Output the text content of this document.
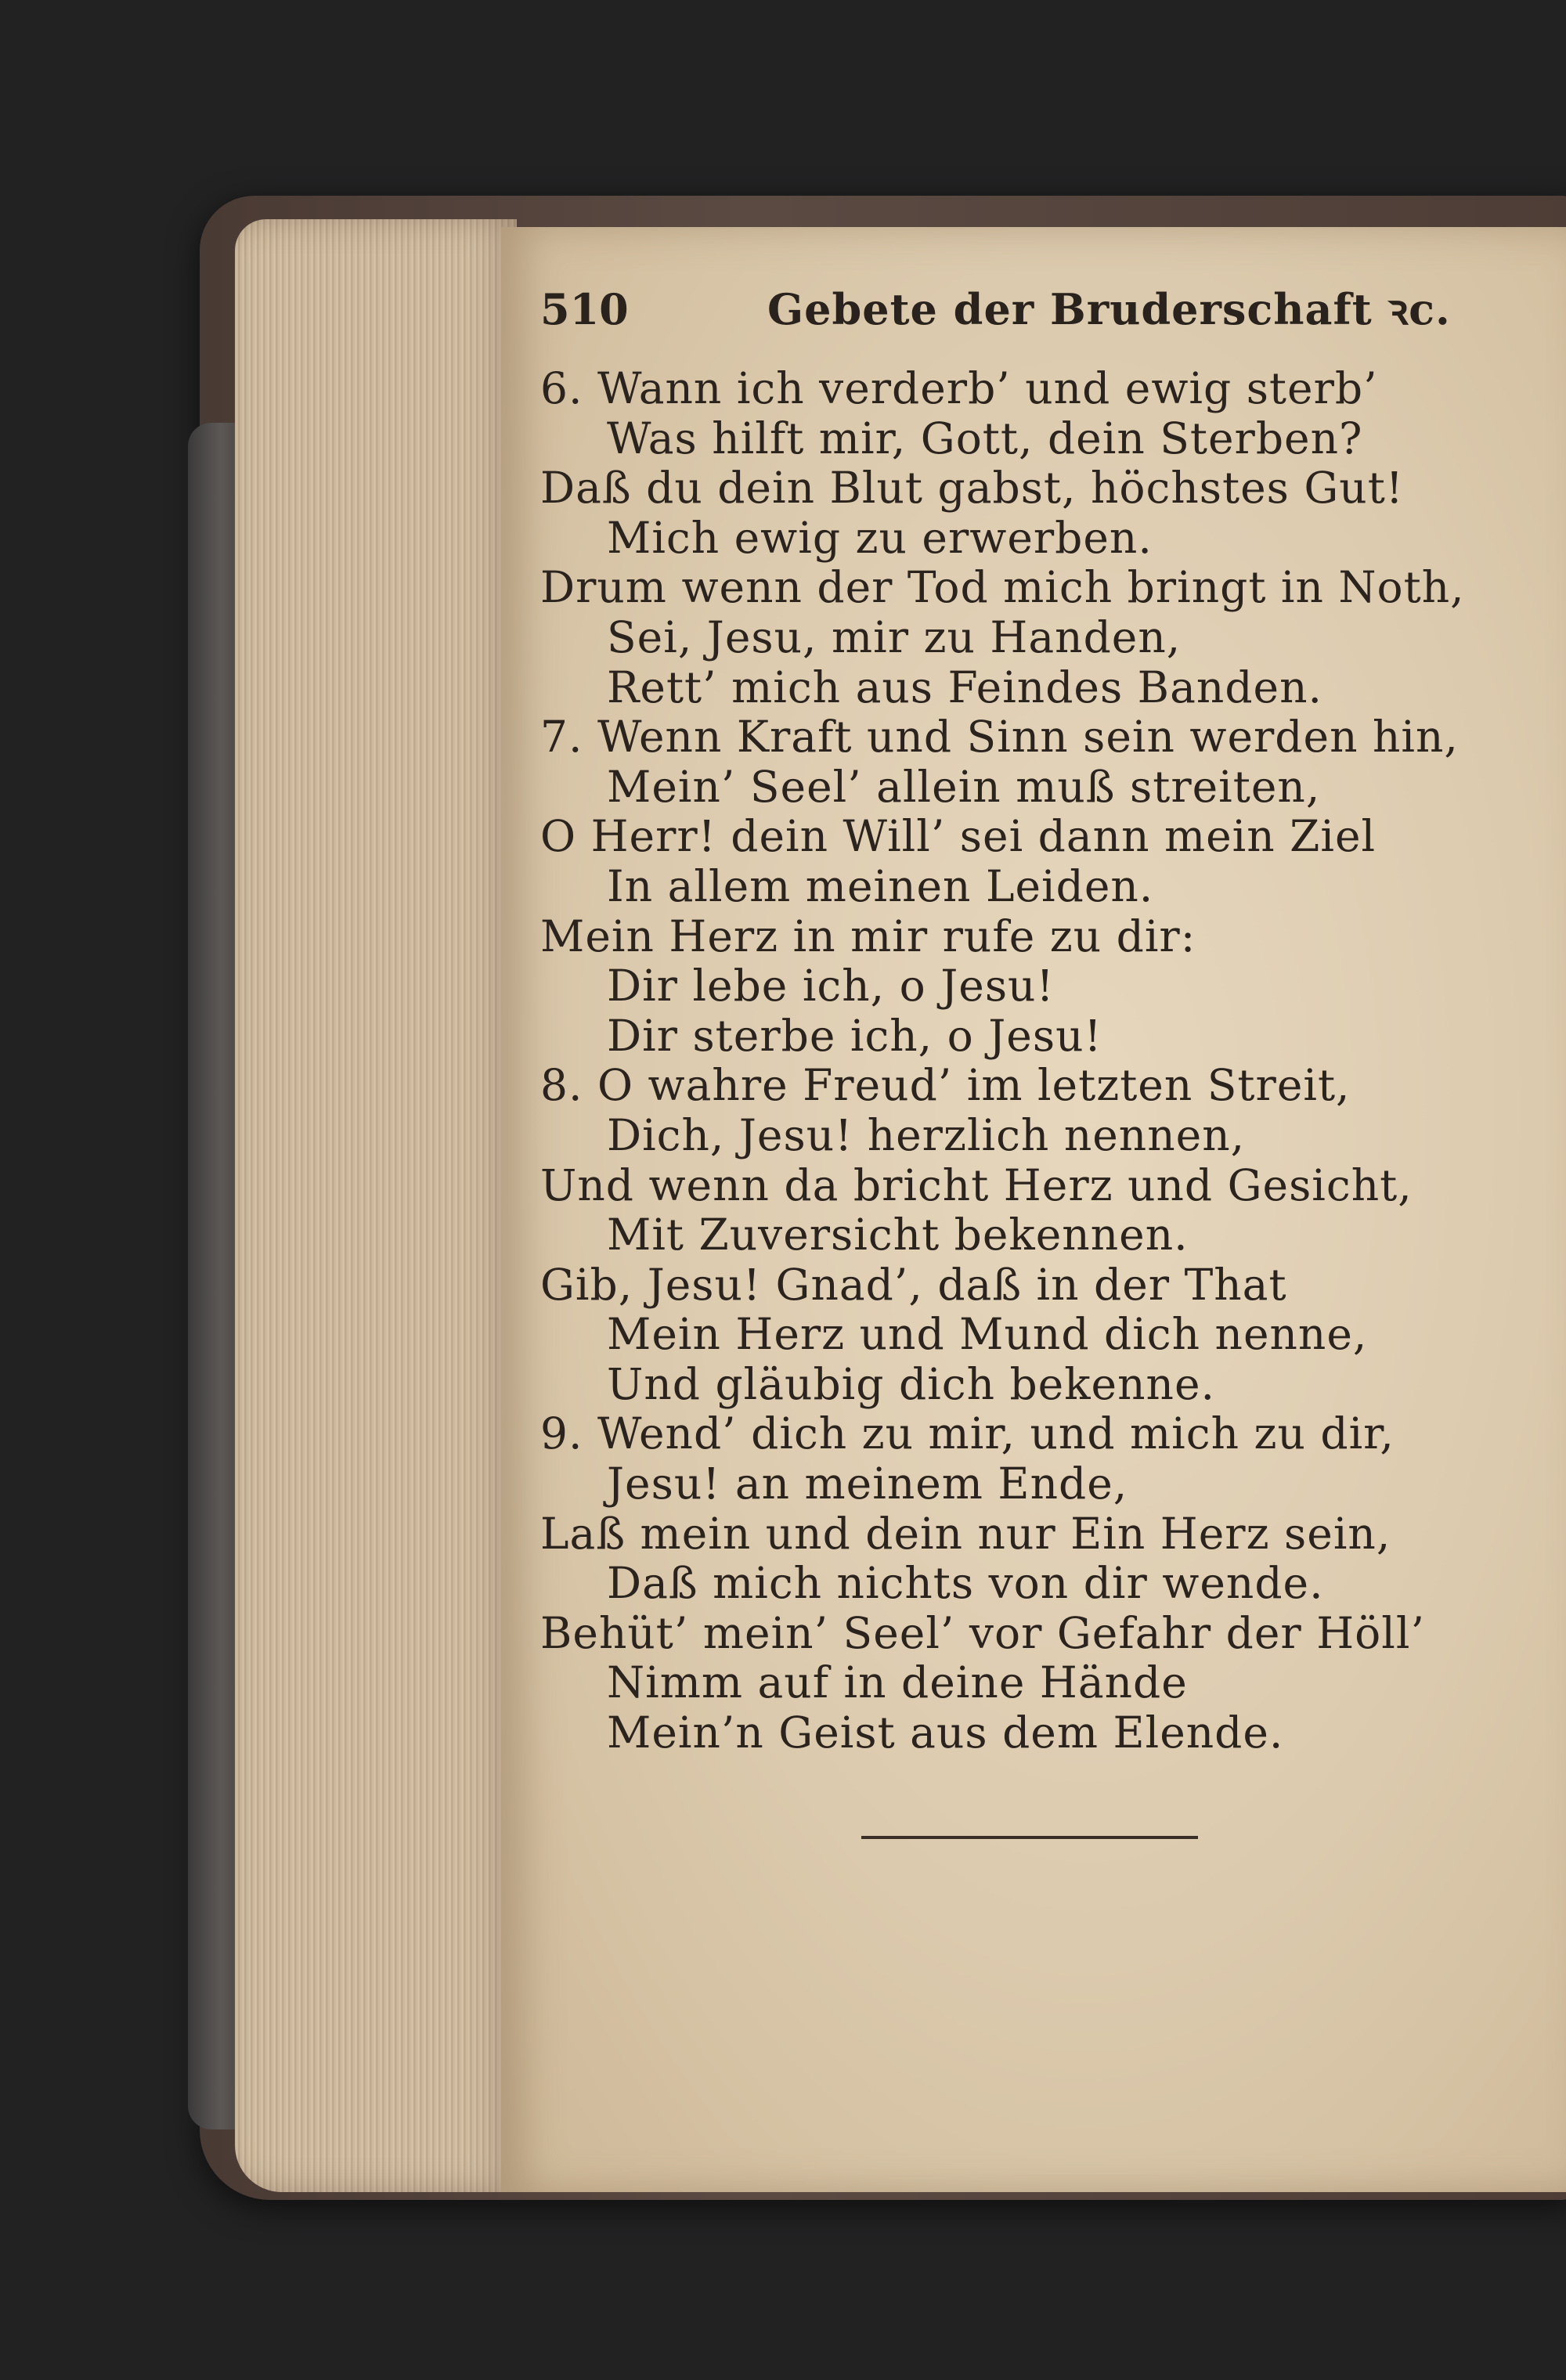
510	Gebete der Bruderschaft ꝛc.
6. Wann ich verderb’ und ewig sterb’
Was hilft mir, Gott, dein Sterben?
Daß du dein Blut gabst, höchstes Gut!
Mich ewig zu erwerben.
Drum wenn der Tod mich bringt in Noth,
Sei, Jesu, mir zu Handen,
Rett’ mich aus Feindes Banden.
7. Wenn Kraft und Sinn sein werden hin,
Mein’ Seel’ allein muß streiten,
O Herr! dein Will’ sei dann mein Ziel
In allem meinen Leiden.
Mein Herz in mir rufe zu dir:
Dir lebe ich, o Jesu!
Dir sterbe ich, o Jesu!
8. O wahre Freud’ im letzten Streit,
Dich, Jesu! herzlich nennen,
Und wenn da bricht Herz und Gesicht,
Mit Zuversicht bekennen.
Gib, Jesu! Gnad’, daß in der That
Mein Herz und Mund dich nenne,
Und gläubig dich bekenne.
9. Wend’ dich zu mir, und mich zu dir,
Jesu! an meinem Ende,
Laß mein und dein nur Ein Herz sein,
Daß mich nichts von dir wende.
Behüt’ mein’ Seel’ vor Gefahr der Höll’
Nimm auf in deine Hände
Mein’n Geist aus dem Elende.
